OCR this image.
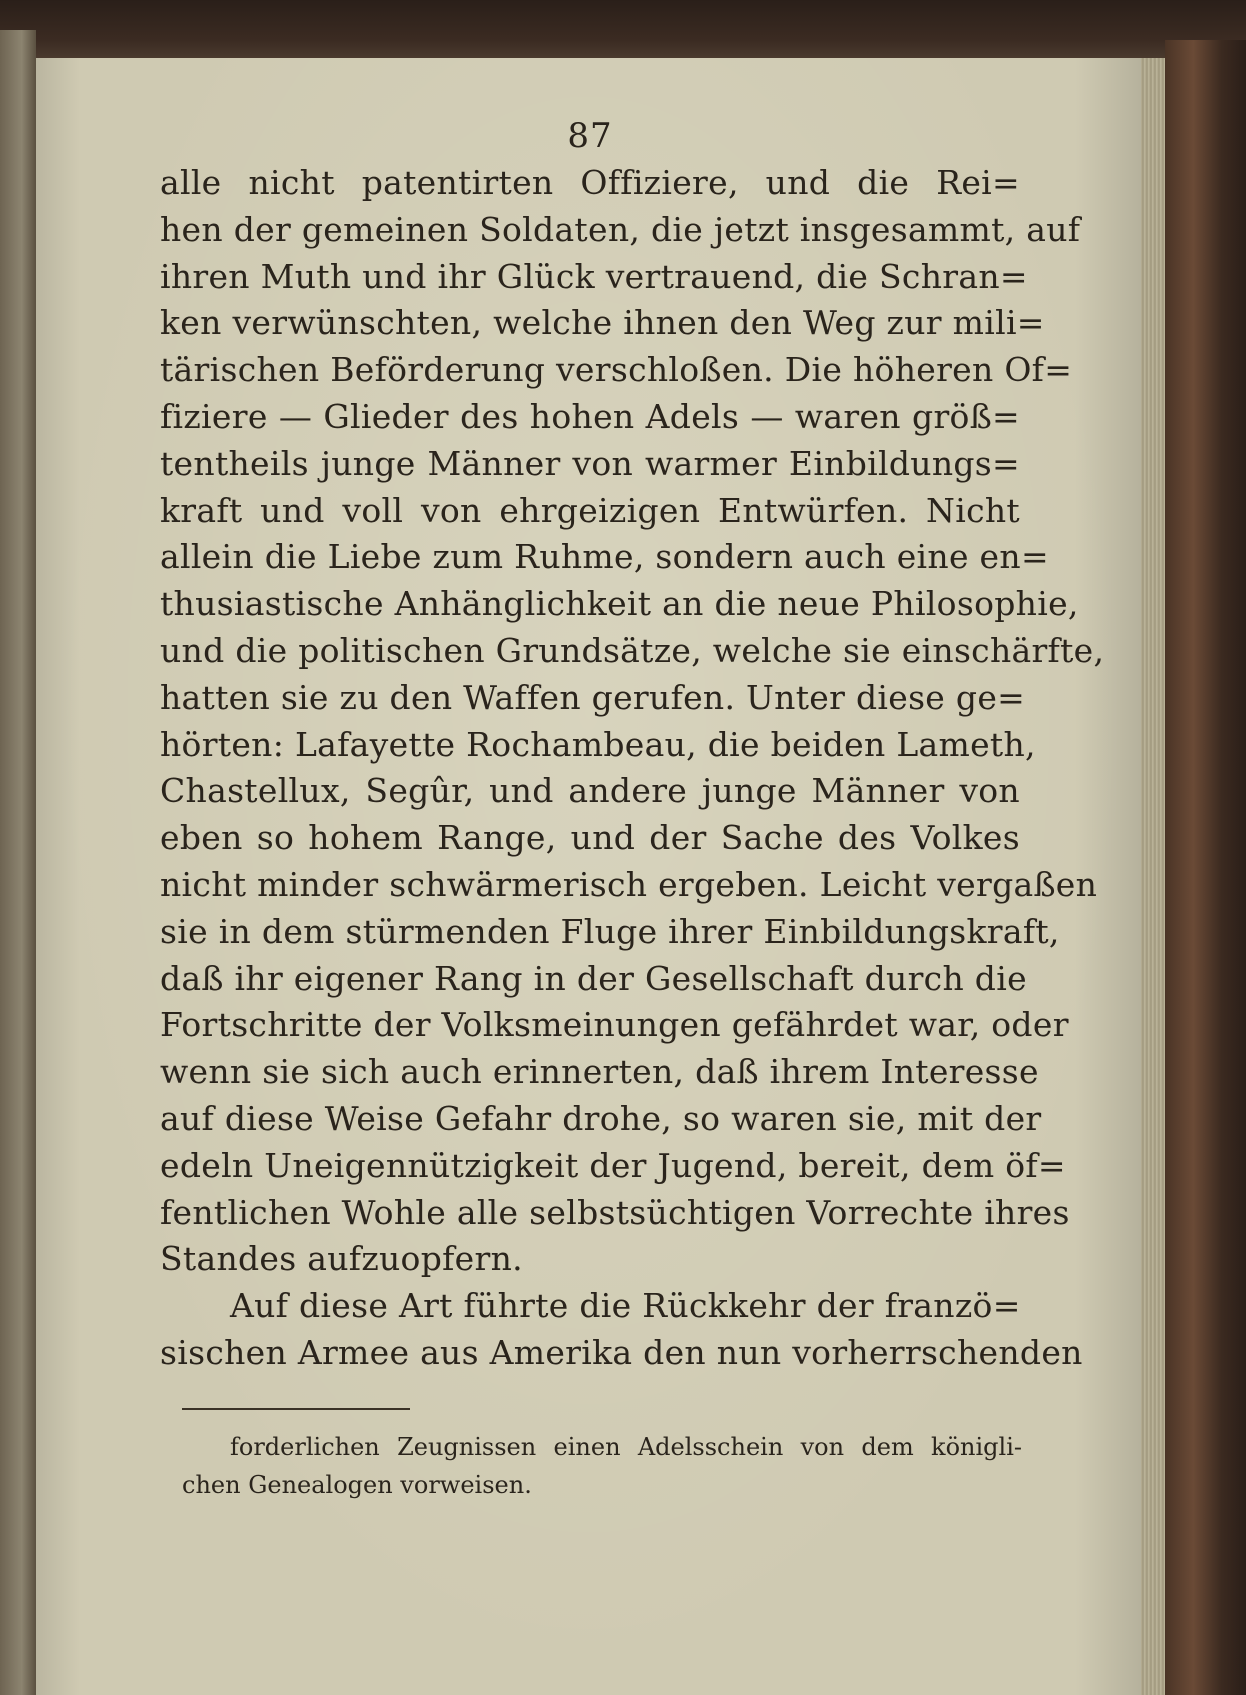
87
alle nicht patentirten Offiziere, und die Rei=
hen der gemeinen Soldaten, die jetzt insgesammt, auf
ihren Muth und ihr Glück vertrauend, die Schran=
ken verwünschten, welche ihnen den Weg zur mili=
tärischen Beförderung verschloßen. Die höheren Of=
fiziere — Glieder des hohen Adels — waren größ=
tentheils junge Männer von warmer Einbildungs=
kraft und voll von ehrgeizigen Entwürfen. Nicht
allein die Liebe zum Ruhme, sondern auch eine en=
thusiastische Anhänglichkeit an die neue Philosophie,
und die politischen Grundsätze, welche sie einschärfte,
hatten sie zu den Waffen gerufen. Unter diese ge=
hörten: Lafayette Rochambeau, die beiden Lameth,
Chastellux, Segûr, und andere junge Männer von
eben so hohem Range, und der Sache des Volkes
nicht minder schwärmerisch ergeben. Leicht vergaßen
sie in dem stürmenden Fluge ihrer Einbildungskraft,
daß ihr eigener Rang in der Gesellschaft durch die
Fortschritte der Volksmeinungen gefährdet war, oder
wenn sie sich auch erinnerten, daß ihrem Interesse
auf diese Weise Gefahr drohe, so waren sie, mit der
edeln Uneigennützigkeit der Jugend, bereit, dem öf=
fentlichen Wohle alle selbstsüchtigen Vorrechte ihres
Standes aufzuopfern.
Auf diese Art führte die Rückkehr der franzö=
sischen Armee aus Amerika den nun vorherrschenden
forderlichen Zeugnissen einen Adelsschein von dem königli-
chen Genealogen vorweisen.
